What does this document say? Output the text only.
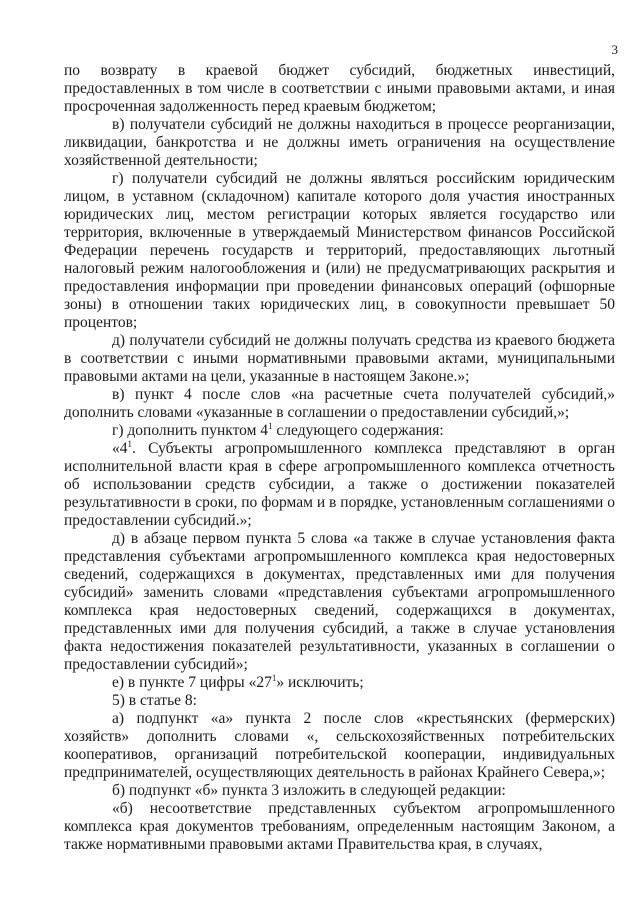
3

по возврату в краевой бюджет субсидий, бюджетных инвестиций, предоставленных в том числе в соответствии с иными правовыми актами, и иная просроченная задолженность перед краевым бюджетом;

в) получатели субсидий не должны находиться в процессе реорганизации, ликвидации, банкротства и не должны иметь ограничения на осуществление хозяйственной деятельности;

г) получатели субсидий не должны являться российским юридическим лицом, в уставном (складочном) капитале которого доля участия иностранных юридических лиц, местом регистрации которых является государство или территория, включенные в утверждаемый Министерством финансов Российской Федерации перечень государств и территорий, предоставляющих льготный налоговый режим налогообложения и (или) не предусматривающих раскрытия и предоставления информации при проведении финансовых операций (офшорные зоны) в отношении таких юридических лиц, в совокупности превышает 50 процентов;

д) получатели субсидий не должны получать средства из краевого бюджета в соответствии с иными нормативными правовыми актами, муниципальными правовыми актами на цели, указанные в настоящем Законе.»;

в) пункт 4 после слов «на расчетные счета получателей субсидий,» дополнить словами «указанные в соглашении о предоставлении субсидий,»;

г) дополнить пунктом $4^1$ следующего содержания:

«$4^1$. Субъекты агропромышленного комплекса представляют в орган исполнительной власти края в сфере агропромышленного комплекса отчетность об использовании средств субсидии, а также о достижении показателей результативности в сроки, по формам и в порядке, установленным соглашениями о предоставлении субсидий.»;

д) в абзаце первом пункта 5 слова «а также в случае установления факта представления субъектами агропромышленного комплекса края недостоверных сведений, содержащихся в документах, представленных ими для получения субсидий» заменить словами «представления субъектами агропромышленного комплекса края недостоверных сведений, содержащихся в документах, представленных ими для получения субсидий, а также в случае установления факта недостижения показателей результативности, указанных в соглашении о предоставлении субсидий»;

е) в пункте 7 цифры «$27^1$» исключить;

5) в статье 8:

а) подпункт «а» пункта 2 после слов «крестьянских (фермерских) хозяйств» дополнить словами «, сельскохозяйственных потребительских кооперативов, организаций потребительской кооперации, индивидуальных предпринимателей, осуществляющих деятельность в районах Крайнего Севера,»;

б) подпункт «б» пункта 3 изложить в следующей редакции:

«б) несоответствие представленных субъектом агропромышленного комплекса края документов требованиям, определенным настоящим Законом, а также нормативными правовыми актами Правительства края, в случаях,
